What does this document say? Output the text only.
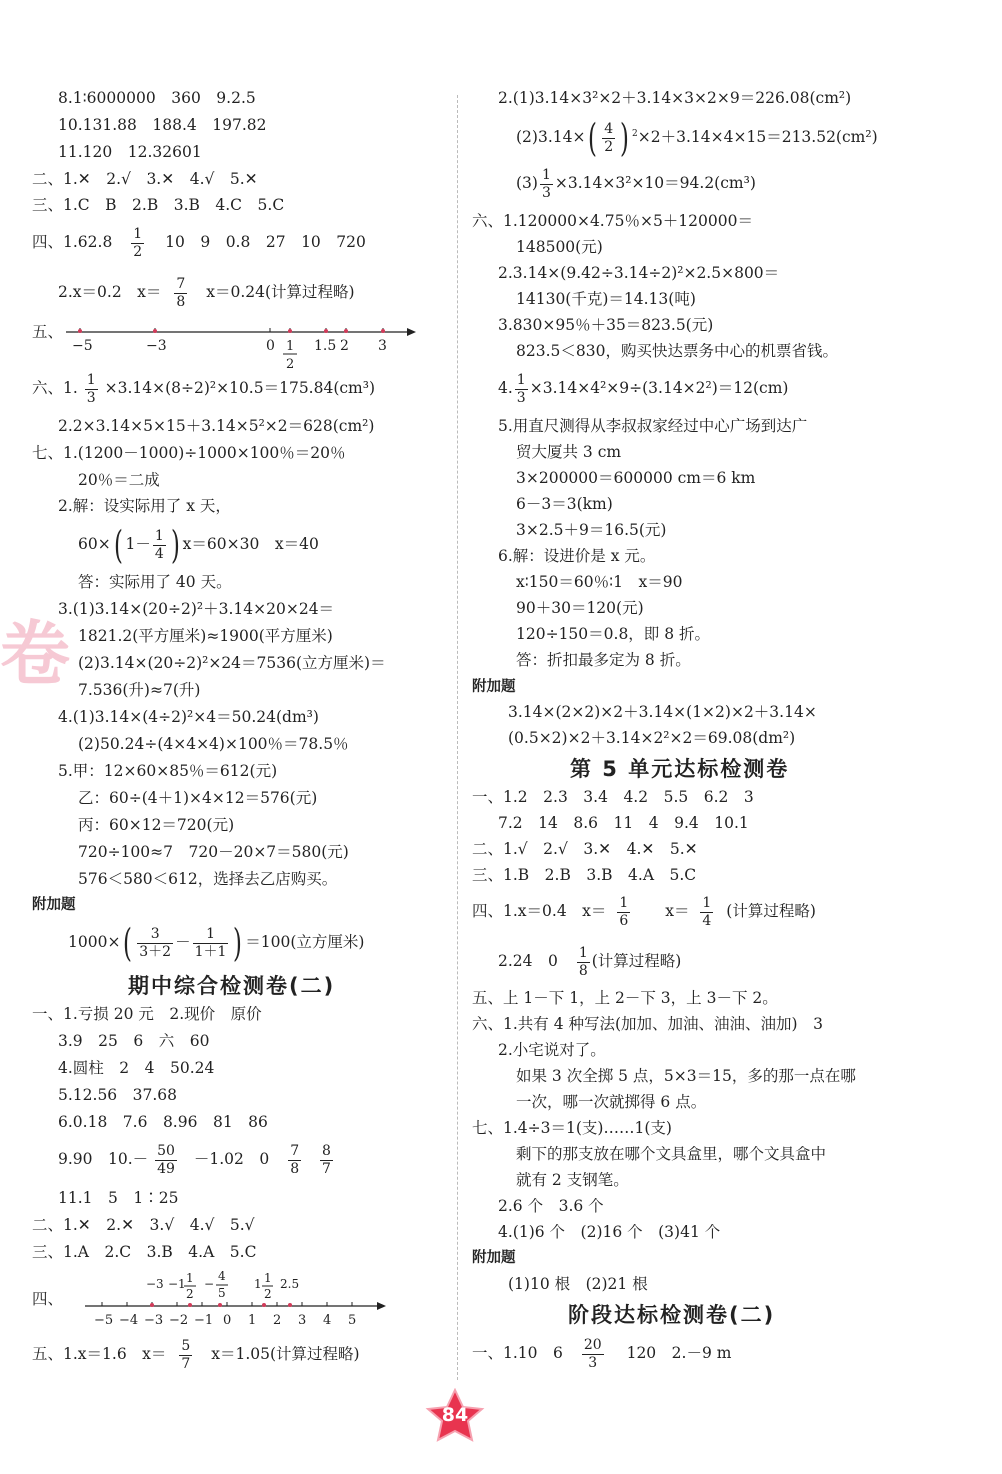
卷
8.1∶6000000　360　9.2.5
10.131.88　188.4　197.82
11.120　12.32601
二、1.✕　2.√　3.✕　4.√　5.✕
三、1.C　B　2.B　3.B　4.C　5.C
四、$1.62.8 \frac{1}{2} 10$　9　0.8　27　10　720
2.x＝0.2　$x= \frac{7}{8} x=0.24$(计算过程略)
五、
−5	−3	0 1
2
1.5 2 3
六、1. $\frac{1}{3} \times 3.14\times(8\div 2)^2\times 10.5=175.84(cm^3)$
2.2×3.14×5×15＋3.14×5²×2＝628(cm²)
七、1.(1200－1000)÷1000×100％＝20％
20％＝二成
2.解：设实际用了 x 天，
60×( $1- \frac{1}{4}$ ) x＝60×30　x＝40
答：实际用了 40 天。
3.(1)3.14×(20÷2)²＋3.14×20×24＝
1821.2(平方厘米)≈1900(平方厘米)
(2)3.14×(20÷2)²×24＝7536(立方厘米)＝
7.536(升)≈7(升)
4.(1)3.14×(4÷2)²×4＝50.24(dm³)
(2)50.24÷(4×4×4)×100％＝78.5％
5.甲：12×60×85％＝612(元)
乙：60÷(4＋1)×4×12＝576(元)
丙：60×12＝720(元)
720÷100≈7　720－20×7＝580(元)
576＜580＜612，选择去乙店购买。
附加题
$1000\times( \frac{3}{3+2} - \frac{1}{1+1}$ ) ＝100(立方厘米)
期中综合检测卷(二)
一、1.亏损 20 元　2.现价　原价
3.9　25　6　六　60
4.圆柱　2　4　50.24
5.12.56　37.68
6.0.18　7.6　8.96　81　86
9.90　$10.- \frac{50}{49} -1.02$　$0 \frac{7}{8}$
$\frac{8}{7}$
11.1　5　1∶25
二、1.✕　2.✕　3.√　4.√　5.√
三、1.A　2.C　3.B　4.A　5.C
四、
−3 −1 1
2
−
4
5
1 1
2
2.5
−5 −4 −3 −2 −1 0 1 2 3 4 5
五、1.x＝1.6　$x= \frac{5}{7} x=1.05$(计算过程略)
2.(1)3.14×3²×2＋3.14×3×2×9＝226.08(cm²)
$(2)3.14\times( \frac{4}{2}$ ) $^2$×2＋3.14×4×15＝213.52(cm²)
$(3) \frac{1}{3} \times 3.14\times 3^2\times 10=94.2(cm^3)$
六、1.120000×4.75％×5＋120000＝
148500(元)
2.3.14×(9.42÷3.14÷2)²×2.5×800＝
14130(千克)＝14.13(吨)
3.830×95％＋35＝823.5(元)
823.5＜830，购买快达票务中心的机票省钱。
4. $\frac{1}{3} \times 3.14\times 4^2\times 9\div(3.14\times 2^2)=12(cm)$
5.用直尺测得从李叔叔家经过中心广场到达广
贸大厦共 3 cm
3×200000＝600000 cm＝6 km
6－3＝3(km)
3×2.5＋9＝16.5(元)
6.解：设进价是 x 元。
x∶150＝60％∶1　x＝90
90＋30＝120(元)
120÷150＝0.8，即 8 折。
答：折扣最多定为 8 折。
附加题
3.14×(2×2)×2＋3.14×(1×2)×2＋3.14×
(0.5×2)×2＋3.14×2²×2＝69.08(dm²)
第 5 单元达标检测卷
一、1.2　2.3　3.4　4.2　5.5　6.2　3
7.2　14　8.6　11　4　9.4　10.1
二、1.√　2.√　3.✕　4.✕　5.✕
三、1.B　2.B　3.B　4.A　5.C
四、1.x＝0.4　$x= \frac{1}{6} x= \frac{1}{4}$ (计算过程略)
2.24　$0 \frac{1}{8}$ (计算过程略)
五、上 1－下 1，上 2－下 3，上 3－下 2。
六、1.共有 4 种写法(加加、加油、油油、油加)　3
2.小宅说对了。
如果 3 次全掷 5 点，5×3＝15，多的那一点在哪
一次，哪一次就掷得 6 点。
七、1.4÷3＝1(支)……1(支)
剩下的那支放在哪个文具盒里，哪个文具盒中
就有 2 支钢笔。
2.6 个　3.6 个
4.(1)6 个　(2)16 个　(3)41 个
附加题
(1)10 根　(2)21 根
阶段达标检测卷(二)
一、1.10　$6 \frac{20}{3} 120$　2.－9 m
84
